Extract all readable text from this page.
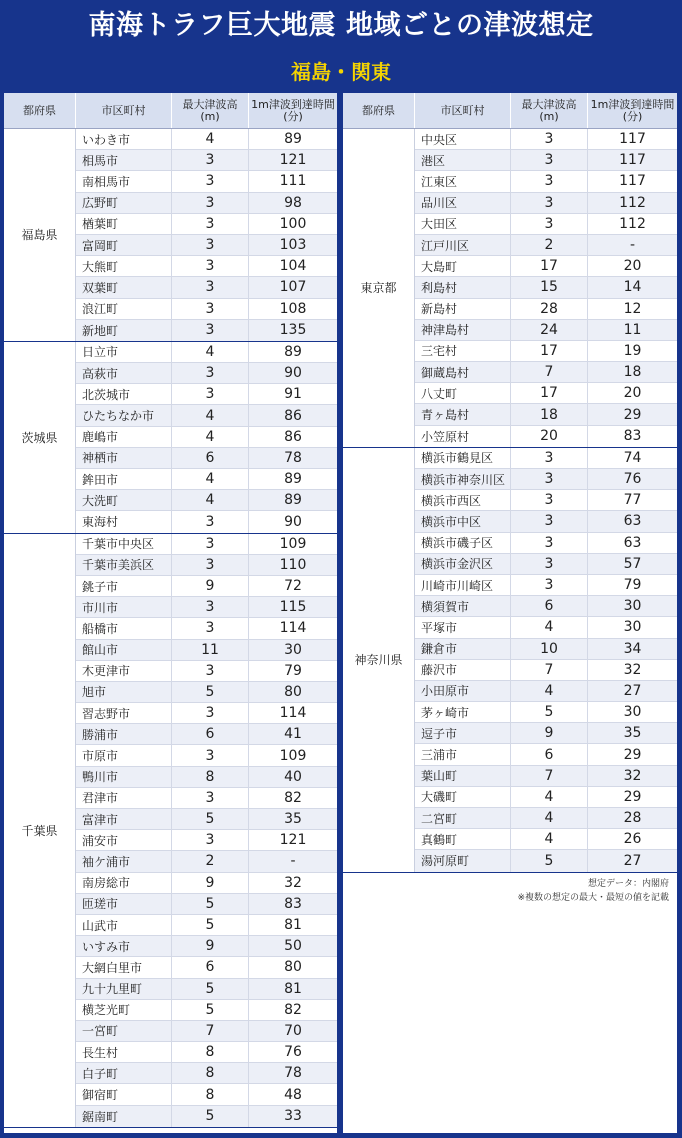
南海トラフ巨大地震 地域ごとの津波想定
福島・関東
都府県	市区町村	最大津波高
(m)
1m津波到達時間
(分)
福島県
いわき市	4	89
相馬市	3	121
南相馬市	3	111
広野町	3	98
楢葉町	3	100
富岡町	3	103
大熊町	3	104
双葉町	3	107
浪江町	3	108
新地町	3	135
茨城県
日立市	4	89
高萩市	3	90
北茨城市	3	91
ひたちなか市	4	86
鹿嶋市	4	86
神栖市	6	78
鉾田市	4	89
大洗町	4	89
東海村	3	90
千葉県
千葉市中央区	3	109
千葉市美浜区	3	110
銚子市	9	72
市川市	3	115
船橋市	3	114
館山市	11	30
木更津市	3	79
旭市	5	80
習志野市	3	114
勝浦市	6	41
市原市	3	109
鴨川市	8	40
君津市	3	82
富津市	5	35
浦安市	3	121
袖ケ浦市	2	-
南房総市	9	32
匝瑳市	5	83
山武市	5	81
いすみ市	9	50
大網白里市	6	80
九十九里町	5	81
横芝光町	5	82
一宮町	7	70
長生村	8	76
白子町	8	78
御宿町	8	48
鋸南町	5	33
都府県	市区町村	最大津波高
(m)
1m津波到達時間
(分)
東京都
中央区	3	117
港区	3	117
江東区	3	117
品川区	3	112
大田区	3	112
江戸川区	2	-
大島町	17	20
利島村	15	14
新島村	28	12
神津島村	24	11
三宅村	17	19
御蔵島村	7	18
八丈町	17	20
青ヶ島村	18	29
小笠原村	20	83
神奈川県
横浜市鶴見区	3	74
横浜市神奈川区	3	76
横浜市西区	3	77
横浜市中区	3	63
横浜市磯子区	3	63
横浜市金沢区	3	57
川崎市川崎区	3	79
横須賀市	6	30
平塚市	4	30
鎌倉市	10	34
藤沢市	7	32
小田原市	4	27
茅ヶ崎市	5	30
逗子市	9	35
三浦市	6	29
葉山町	7	32
大磯町	4	29
二宮町	4	28
真鶴町	4	26
湯河原町	5	27
想定データ：内閣府
※複数の想定の最大・最短の値を記載
NHK
